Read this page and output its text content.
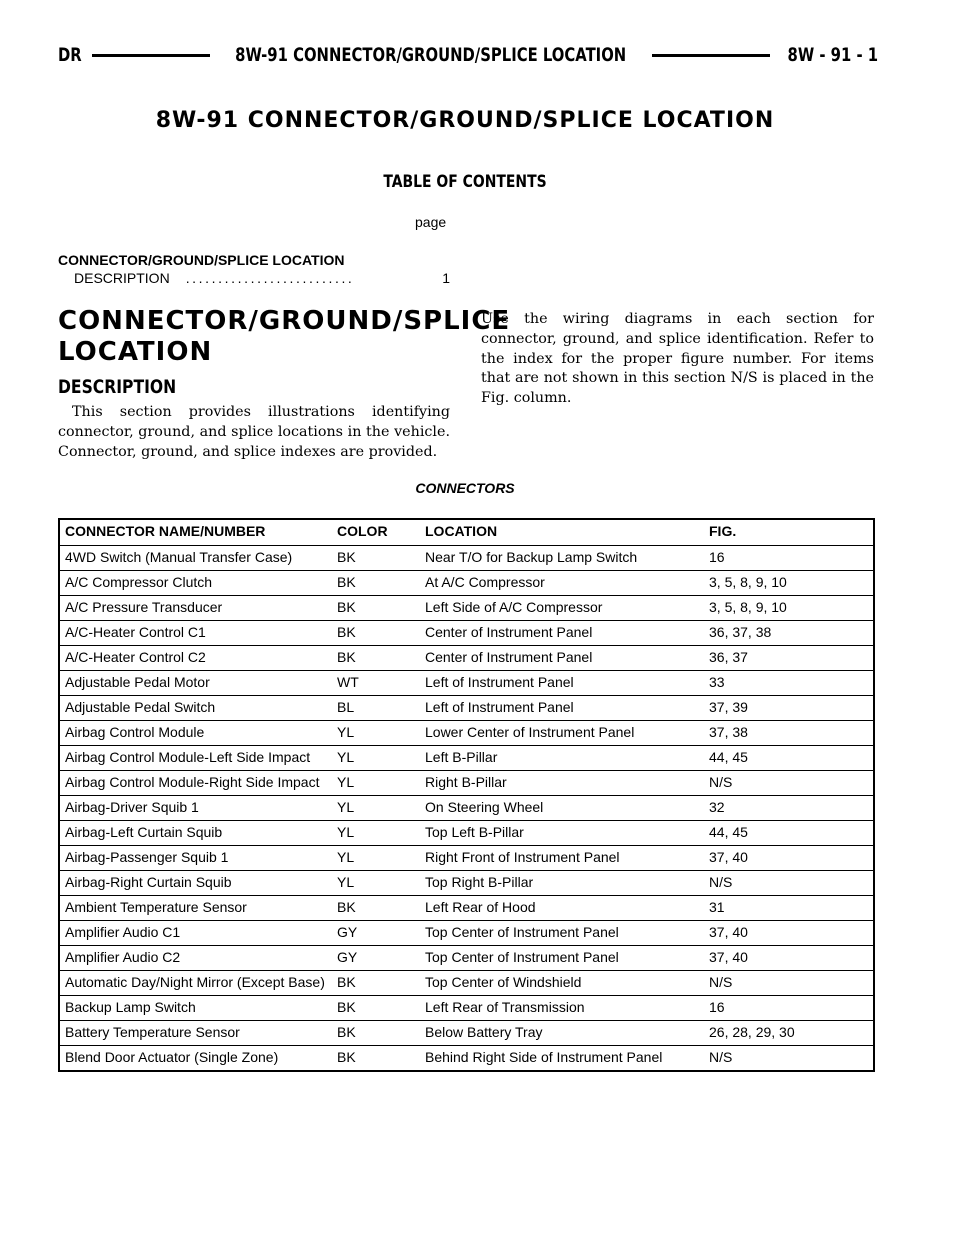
DR	8W-91 CONNECTOR/GROUND/SPLICE LOCATION	8W - 91 - 1
8W-91 CONNECTOR/GROUND/SPLICE LOCATION
TABLE OF CONTENTS
page
CONNECTOR/GROUND/SPLICE LOCATION
DESCRIPTION ..........................	1
CONNECTOR/GROUND/SPLICE LOCATION
DESCRIPTION
This section provides illustrations identifying connector, ground, and splice locations in the vehicle. Connector, ground, and splice indexes are provided.
Use the wiring diagrams in each section for connector, ground, and splice identification. Refer to the index for the proper figure number. For items that are not shown in this section N/S is placed in the Fig. column.
CONNECTORS
CONNECTOR NAME/NUMBER	COLOR	LOCATION	FIG.
4WD Switch (Manual Transfer Case)	BK	Near T/O for Backup Lamp Switch	16
A/C Compressor Clutch	BK	At A/C Compressor	3, 5, 8, 9, 10
A/C Pressure Transducer	BK	Left Side of A/C Compressor	3, 5, 8, 9, 10
A/C-Heater Control C1	BK	Center of Instrument Panel	36, 37, 38
A/C-Heater Control C2	BK	Center of Instrument Panel	36, 37
Adjustable Pedal Motor	WT	Left of Instrument Panel	33
Adjustable Pedal Switch	BL	Left of Instrument Panel	37, 39
Airbag Control Module	YL	Lower Center of Instrument Panel	37, 38
Airbag Control Module-Left Side Impact	YL	Left B-Pillar	44, 45
Airbag Control Module-Right Side Impact	YL	Right B-Pillar	N/S
Airbag-Driver Squib 1	YL	On Steering Wheel	32
Airbag-Left Curtain Squib	YL	Top Left B-Pillar	44, 45
Airbag-Passenger Squib 1	YL	Right Front of Instrument Panel	37, 40
Airbag-Right Curtain Squib	YL	Top Right B-Pillar	N/S
Ambient Temperature Sensor	BK	Left Rear of Hood	31
Amplifier Audio C1	GY	Top Center of Instrument Panel	37, 40
Amplifier Audio C2	GY	Top Center of Instrument Panel	37, 40
Automatic Day/Night Mirror (Except Base)	BK	Top Center of Windshield	N/S
Backup Lamp Switch	BK	Left Rear of Transmission	16
Battery Temperature Sensor	BK	Below Battery Tray	26, 28, 29, 30
Blend Door Actuator (Single Zone)	BK	Behind Right Side of Instrument Panel	N/S
